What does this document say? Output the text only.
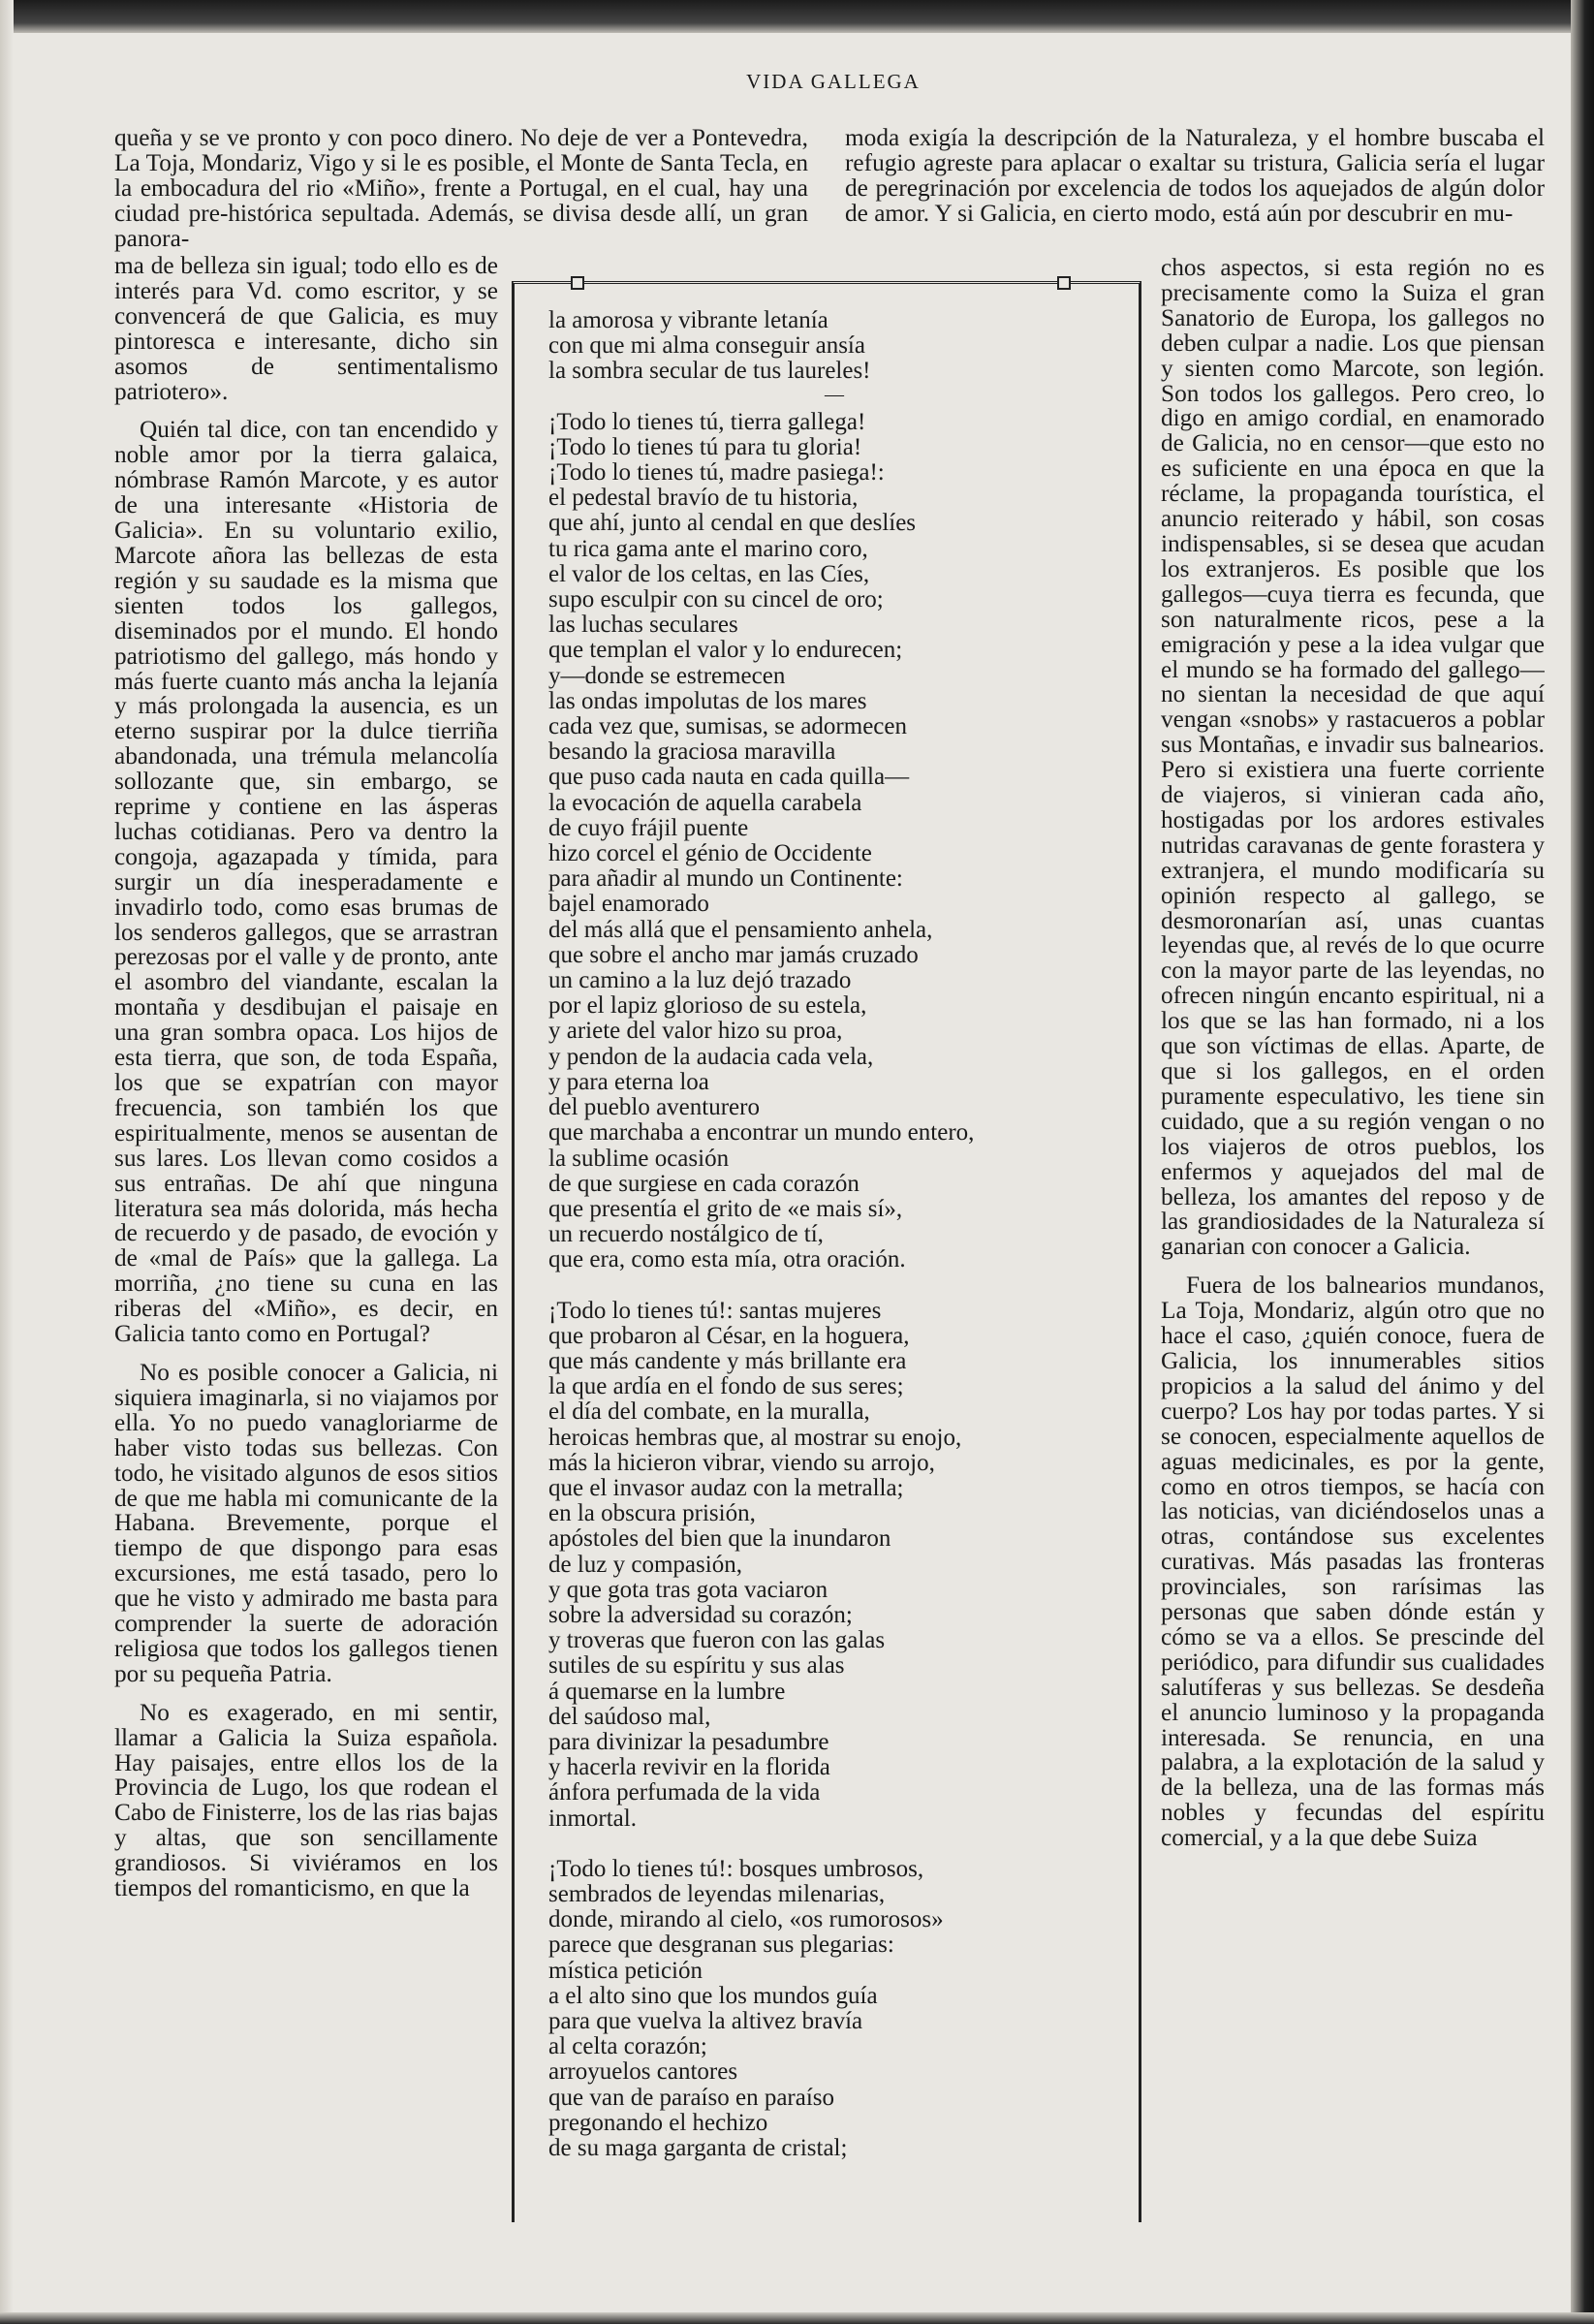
VIDA GALLEGA

queña y se ve pronto y con poco dinero. No deje de ver a Pontevedra, La Toja, Mondariz, Vigo y si le es posible, el Monte de Santa Tecla, en la embocadura del rio «Miño», frente a Portugal, en el cual, hay una ciudad pre-histórica sepultada. Además, se divisa desde allí, un gran panora-

moda exigía la descripción de la Naturaleza, y el hombre buscaba el refugio agreste para aplacar o exaltar su tristura, Galicia sería el lugar de peregrinación por excelencia de todos los aquejados de algún dolor de amor. Y si Galicia, en cierto modo, está aún por descubrir en mu-

ma de belleza sin igual; todo ello es de interés para Vd. como escritor, y se convencerá de que Galicia, es muy pintoresca e interesante, dicho sin asomos de sentimentalismo patriotero».

Quién tal dice, con tan encendido y noble amor por la tierra galaica, nómbrase Ramón Marcote, y es autor de una interesante «Historia de Galicia». En su voluntario exilio, Marcote añora las bellezas de esta región y su saudade es la misma que sienten todos los gallegos, diseminados por el mundo. El hondo patriotismo del gallego, más hondo y más fuerte cuanto más ancha la lejanía y más prolongada la ausencia, es un eterno suspirar por la dulce tierriña abandonada, una trémula melancolía sollozante que, sin embargo, se reprime y contiene en las ásperas luchas cotidianas. Pero va dentro la congoja, agazapada y tímida, para surgir un día inesperadamente e invadirlo todo, como esas brumas de los senderos gallegos, que se arrastran perezosas por el valle y de pronto, ante el asombro del viandante, escalan la montaña y desdibujan el paisaje en una gran sombra opaca. Los hijos de esta tierra, que son, de toda España, los que se expatrían con mayor frecuencia, son también los que espiritualmente, menos se ausentan de sus lares. Los llevan como cosidos a sus entrañas. De ahí que ninguna literatura sea más dolorida, más hecha de recuerdo y de pasado, de evoción y de «mal de País» que la gallega. La morriña, ¿no tiene su cuna en las riberas del «Miño», es decir, en Galicia tanto como en Portugal?

No es posible conocer a Galicia, ni siquiera imaginarla, si no viajamos por ella. Yo no puedo vanagloriarme de haber visto todas sus bellezas. Con todo, he visitado algunos de esos sitios de que me habla mi comunicante de la Habana. Brevemente, porque el tiempo de que dispongo para esas excursiones, me está tasado, pero lo que he visto y admirado me basta para comprender la suerte de adoración religiosa que todos los gallegos tienen por su pequeña Patria.

No es exagerado, en mi sentir, llamar a Galicia la Suiza española. Hay paisajes, entre ellos los de la Provincia de Lugo, los que rodean el Cabo de Finisterre, los de las rias bajas y altas, que son sencillamente grandiosos. Si viviéramos en los tiempos del romanticismo, en que la

la amorosa y vibrante letanía
con que mi alma conseguir ansía
la sombra secular de tus laureles!
—
¡Todo lo tienes tú, tierra gallega!
¡Todo lo tienes tú para tu gloria!
¡Todo lo tienes tú, madre pasiega!:
el pedestal bravío de tu historia,
que ahí, junto al cendal en que deslíes
tu rica gama ante el marino coro,
el valor de los celtas, en las Cíes,
supo esculpir con su cincel de oro;
las luchas seculares
que templan el valor y lo endurecen;
y—donde se estremecen
las ondas impolutas de los mares
cada vez que, sumisas, se adormecen
besando la graciosa maravilla
que puso cada nauta en cada quilla—
la evocación de aquella carabela
de cuyo frájil puente
hizo corcel el génio de Occidente
para añadir al mundo un Continente:
bajel enamorado
del más allá que el pensamiento anhela,
que sobre el ancho mar jamás cruzado
un camino a la luz dejó trazado
por el lapiz glorioso de su estela,
y ariete del valor hizo su proa,
y pendon de la audacia cada vela,
y para eterna loa
del pueblo aventurero
que marchaba a encontrar un mundo entero,
la sublime ocasión
de que surgiese en cada corazón
que presentía el grito de «e mais sí»,
un recuerdo nostálgico de tí,
que era, como esta mía, otra oración.
¡Todo lo tienes tú!: santas mujeres
que probaron al César, en la hoguera,
que más candente y más brillante era
la que ardía en el fondo de sus seres;
el día del combate, en la muralla,
heroicas hembras que, al mostrar su enojo,
más la hicieron vibrar, viendo su arrojo,
que el invasor audaz con la metralla;
en la obscura prisión,
apóstoles del bien que la inundaron
de luz y compasión,
y que gota tras gota vaciaron
sobre la adversidad su corazón;
y troveras que fueron con las galas
sutiles de su espíritu y sus alas
á quemarse en la lumbre
del saúdoso mal,
para divinizar la pesadumbre
y hacerla revivir en la florida
ánfora perfumada de la vida
inmortal.
¡Todo lo tienes tú!: bosques umbrosos,
sembrados de leyendas milenarias,
donde, mirando al cielo, «os rumorosos»
parece que desgranan sus plegarias:
mística petición
a el alto sino que los mundos guía
para que vuelva la altivez bravía
al celta corazón;
arroyuelos cantores
que van de paraíso en paraíso
pregonando el hechizo
de su maga garganta de cristal;

chos aspectos, si esta región no es precisamente como la Suiza el gran Sanatorio de Europa, los gallegos no deben culpar a nadie. Los que piensan y sienten como Marcote, son legión. Son todos los gallegos. Pero creo, lo digo en amigo cordial, en enamorado de Galicia, no en censor—que esto no es suficiente en una época en que la réclame, la propaganda tourística, el anuncio reiterado y hábil, son cosas indispensables, si se desea que acudan los extranjeros. Es posible que los gallegos—cuya tierra es fecunda, que son naturalmente ricos, pese a la emigración y pese a la idea vulgar que el mundo se ha formado del gallego—no sientan la necesidad de que aquí vengan «snobs» y rastacueros a poblar sus Montañas, e invadir sus balnearios. Pero si existiera una fuerte corriente de viajeros, si vinieran cada año, hostigadas por los ardores estivales nutridas caravanas de gente forastera y extranjera, el mundo modificaría su opinión respecto al gallego, se desmoronarían así, unas cuantas leyendas que, al revés de lo que ocurre con la mayor parte de las leyendas, no ofrecen ningún encanto espiritual, ni a los que se las han formado, ni a los que son víctimas de ellas. Aparte, de que si los gallegos, en el orden puramente especulativo, les tiene sin cuidado, que a su región vengan o no los viajeros de otros pueblos, los enfermos y aquejados del mal de belleza, los amantes del reposo y de las grandiosidades de la Naturaleza sí ganarian con conocer a Galicia.

Fuera de los balnearios mundanos, La Toja, Mondariz, algún otro que no hace el caso, ¿quién conoce, fuera de Galicia, los innumerables sitios propicios a la salud del ánimo y del cuerpo? Los hay por todas partes. Y si se conocen, especialmente aquellos de aguas medicinales, es por la gente, como en otros tiempos, se hacía con las noticias, van diciéndoselos unas a otras, contándose sus excelentes curativas. Más pasadas las fronteras provinciales, son rarísimas las personas que saben dónde están y cómo se va a ellos. Se prescinde del periódico, para difundir sus cualidades salutíferas y sus bellezas. Se desdeña el anuncio luminoso y la propaganda interesada. Se renuncia, en una palabra, a la explotación de la salud y de la belleza, una de las formas más nobles y fecundas del espíritu comercial, y a la que debe Suiza
